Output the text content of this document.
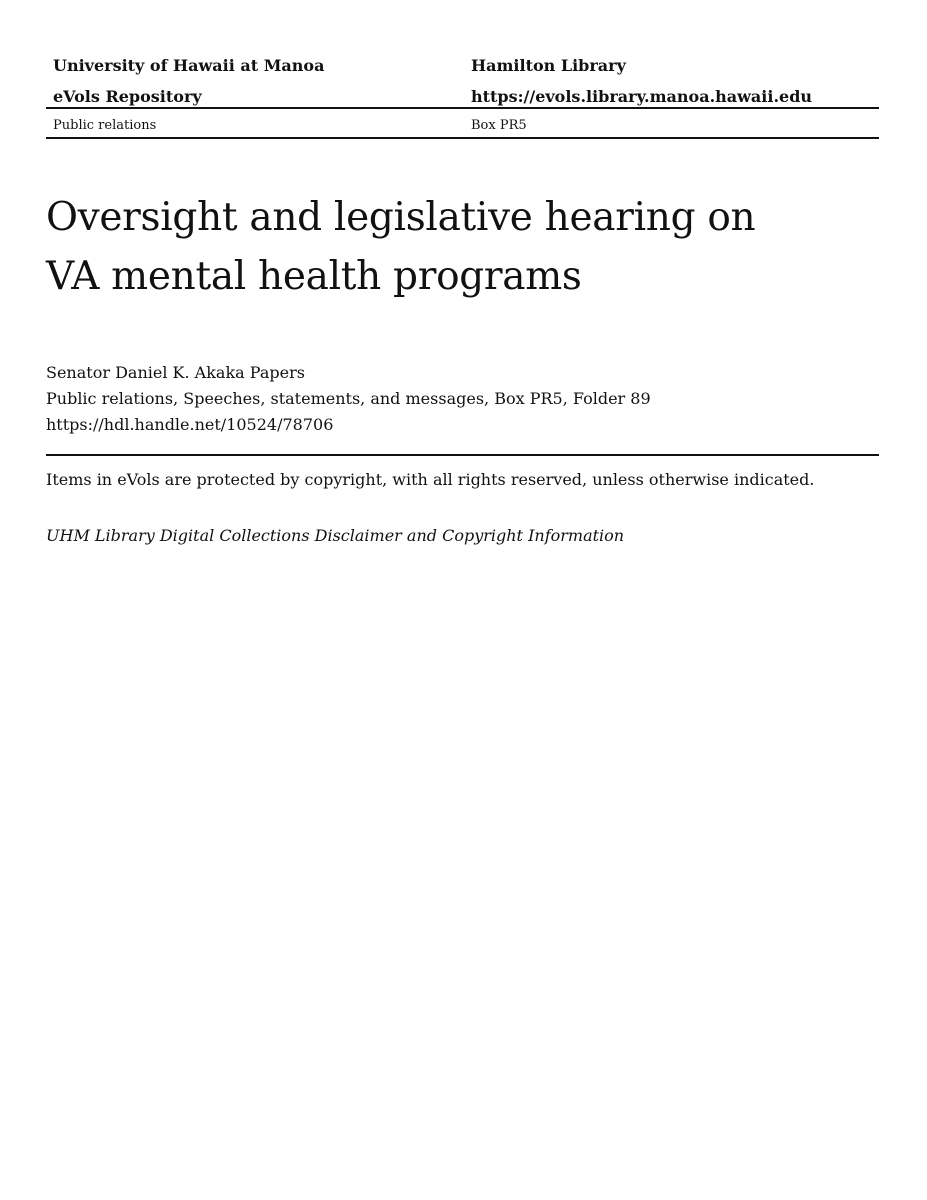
University of Hawaii at Manoa	Hamilton Library
eVols Repository	https://evols.library.manoa.hawaii.edu
Public relations	Box PR5
Oversight and legislative hearing on
VA mental health programs
Senator Daniel K. Akaka Papers
Public relations, Speeches, statements, and messages, Box PR5, Folder 89
https://hdl.handle.net/10524/78706
Items in eVols are protected by copyright, with all rights reserved, unless otherwise indicated.
UHM Library Digital Collections Disclaimer and Copyright Information
